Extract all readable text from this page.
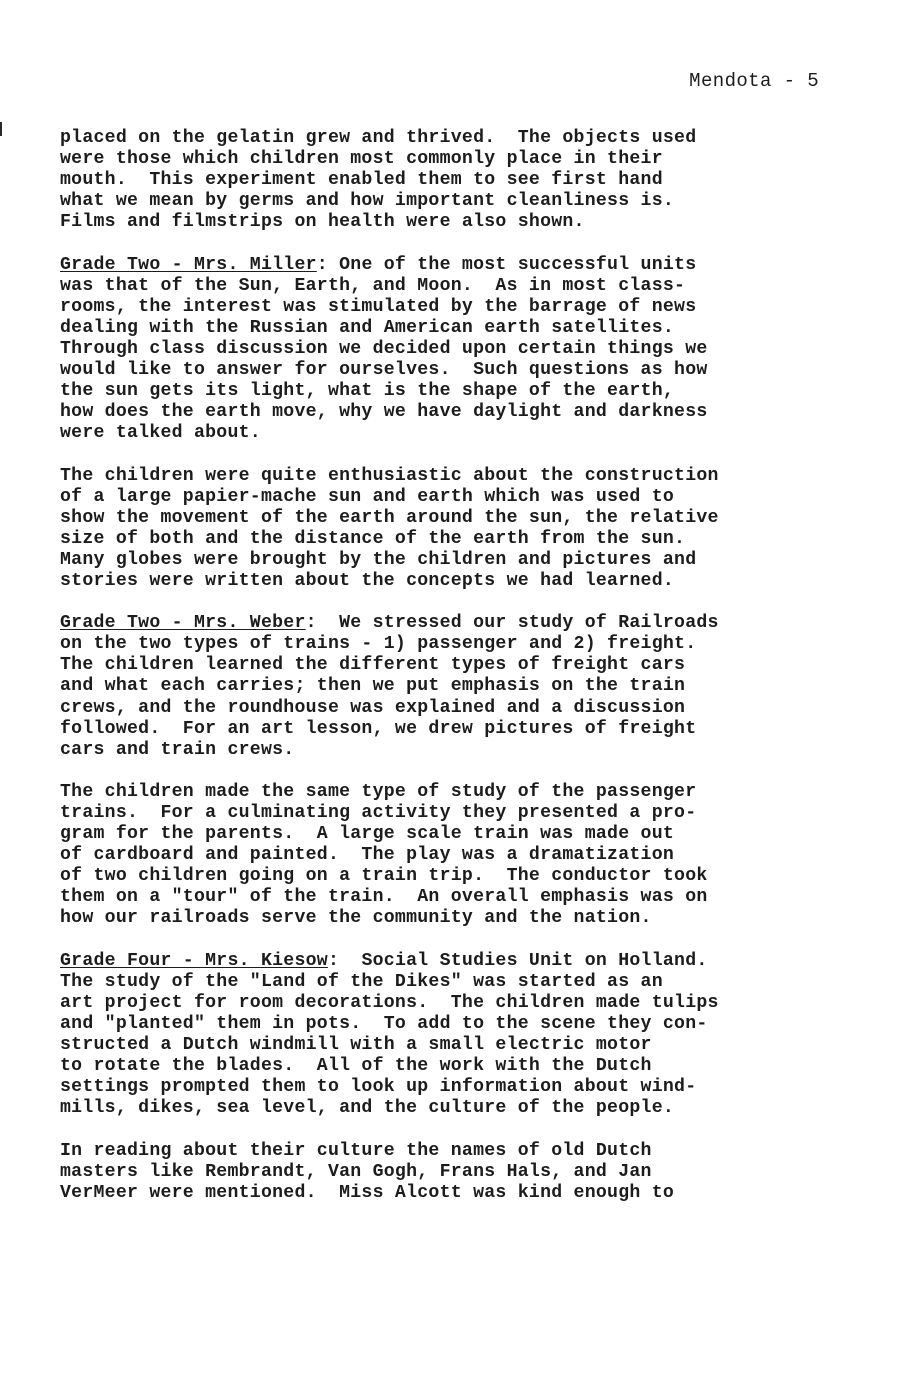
Mendota - 5
placed on the gelatin grew and thrived.  The objects used
were those which children most commonly place in their
mouth.  This experiment enabled them to see first hand
what we mean by germs and how important cleanliness is.
Films and filmstrips on health were also shown.
Grade Two - Mrs. Miller: One of the most successful units
was that of the Sun, Earth, and Moon.  As in most class-
rooms, the interest was stimulated by the barrage of news
dealing with the Russian and American earth satellites.
Through class discussion we decided upon certain things we
would like to answer for ourselves.  Such questions as how
the sun gets its light, what is the shape of the earth,
how does the earth move, why we have daylight and darkness
were talked about.
The children were quite enthusiastic about the construction
of a large papier-mache sun and earth which was used to
show the movement of the earth around the sun, the relative
size of both and the distance of the earth from the sun.
Many globes were brought by the children and pictures and
stories were written about the concepts we had learned.
Grade Two - Mrs. Weber:  We stressed our study of Railroads
on the two types of trains - 1) passenger and 2) freight.
The children learned the different types of freight cars
and what each carries; then we put emphasis on the train
crews, and the roundhouse was explained and a discussion
followed.  For an art lesson, we drew pictures of freight
cars and train crews.
The children made the same type of study of the passenger
trains.  For a culminating activity they presented a pro-
gram for the parents.  A large scale train was made out
of cardboard and painted.  The play was a dramatization
of two children going on a train trip.  The conductor took
them on a "tour" of the train.  An overall emphasis was on
how our railroads serve the community and the nation.
Grade Four - Mrs. Kiesow:  Social Studies Unit on Holland.
The study of the "Land of the Dikes" was started as an
art project for room decorations.  The children made tulips
and "planted" them in pots.  To add to the scene they con-
structed a Dutch windmill with a small electric motor
to rotate the blades.  All of the work with the Dutch
settings prompted them to look up information about wind-
mills, dikes, sea level, and the culture of the people.
In reading about their culture the names of old Dutch
masters like Rembrandt, Van Gogh, Frans Hals, and Jan
VerMeer were mentioned.  Miss Alcott was kind enough to
